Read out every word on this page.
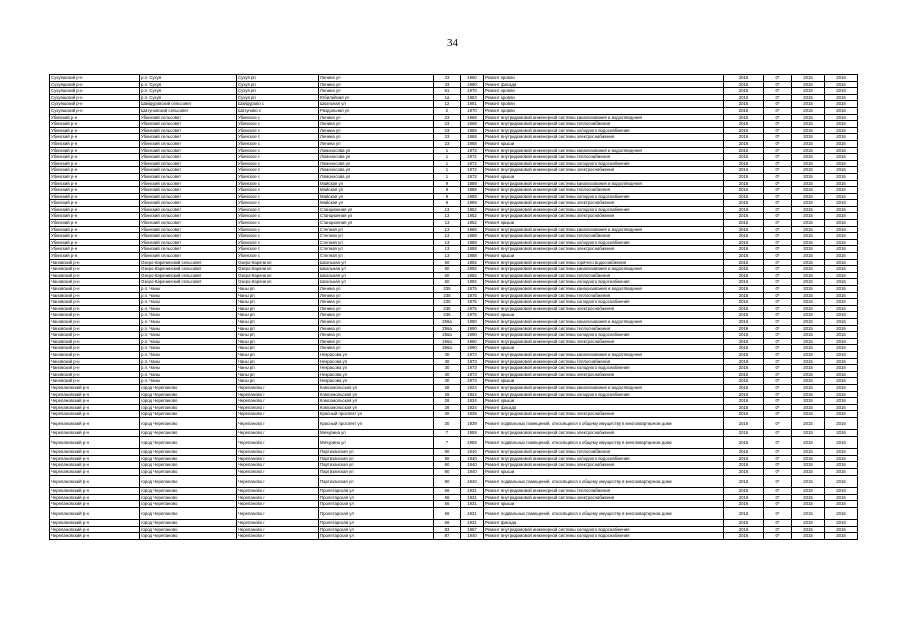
34
Сухуяшский р-н	р.п. Сухуя	Сухуя рп	Ленина ул	43	1990	Ремонт кровли	2016	0*	2015	2016
Сухуяшский р-н	р.п. Сухуя	Сухуя рп	Ленина ул	43	1990	Ремонт фасада	2016	0*	2015	2016
Сухуяшский р-н	р.п. Сухуя	Сухуя рп	Ленина ул	61	1970	Ремонт кровли	2016	0*	2015	2016
Сухуяшский р-н	р.п. Сухуя	Сухуя рп	Юбилейная ул	1а	1953	Ремонт кровли	2016	0*	2015	2016
Сухуяшский р-н	Шайдуровский сельсовет	Шайдурово с	Школьная ул	12	1981	Ремонт кровли	2015	0*	2015	2016
Сухуяшский р-н	Шатуновский сельсовет	Шатуново с	Раздольная ул	2	1970	Ремонт кровли	2016	0*	2015	2016
Убинский р-н	Убинский сельсовет	Убинское с	Ленина ул	23	1968	Ремонт внутридомовой инженерной системы канализования и водоотведения	2015	0*	2015	2016
Убинский р-н	Убинский сельсовет	Убинское с	Ленина ул	23	1968	Ремонт внутридомовой инженерной системы теплоснабжения	2015	0*	2015	2016
Убинский р-н	Убинский сельсовет	Убинское с	Ленина ул	23	1968	Ремонт внутридомовой инженерной системы холодного водоснабжения	2015	0*	2015	2016
Убинский р-н	Убинский сельсовет	Убинское с	Ленина ул	23	1968	Ремонт внутридомовой инженерной системы электроснабжения	2016	0*	2015	2016
Убинский р-н	Убинский сельсовет	Убинское с	Ленина ул	23	1968	Ремонт крыши	2016	0*	2015	2016
Убинский р-н	Убинский сельсовет	Убинское с	Ломоносова ул	1	1972	Ремонт внутридомовой инженерной системы канализования и водоотведения	2016	0*	2015	2016
Убинский р-н	Убинский сельсовет	Убинское с	Ломоносова ул	1	1972	Ремонт внутридомовой инженерной системы теплоснабжения	2016	0*	2015	2016
Убинский р-н	Убинский сельсовет	Убинское с	Ломоносова ул	1	1972	Ремонт внутридомовой инженерной системы холодного водоснабжения	2016	0*	2015	2016
Убинский р-н	Убинский сельсовет	Убинское с	Ломоносова ул	1	1972	Ремонт внутридомовой инженерной системы электроснабжения	2016	0*	2015	2016
Убинский р-н	Убинский сельсовет	Убинское с	Ломоносова ул	1	1972	Ремонт крыши	2016	0*	2015	2016
Убинский р-н	Убинский сельсовет	Убинское с	Майская ул	9	1989	Ремонт внутридомовой инженерной системы канализования и водоотведения	2016	0*	2015	2016
Убинский р-н	Убинский сельсовет	Убинское с	Майская ул	9	1989	Ремонт внутридомовой инженерной системы теплоснабжения	2016	0*	2015	2016
Убинский р-н	Убинский сельсовет	Убинское с	Майская ул	9	1989	Ремонт внутридомовой инженерной системы холодного водоснабжения	2016	0*	2015	2016
Убинский р-н	Убинский сельсовет	Убинское с	Майская ул	9	1989	Ремонт внутридомовой инженерной системы электроснабжения	2016	0*	2015	2016
Убинский р-н	Убинский сельсовет	Убинское с	Станционная ул	13	1952	Ремонт внутридомовой инженерной системы холодного водоснабжения	2016	0*	2015	2016
Убинский р-н	Убинский сельсовет	Убинское с	Станционная ул	13	1952	Ремонт внутридомовой инженерной системы электроснабжения	2016	0*	2015	2016
Убинский р-н	Убинский сельсовет	Убинское с	Станционная ул	13	1952	Ремонт крыши	2016	0*	2015	2016
Убинский р-н	Убинский сельсовет	Убинское с	Степная ул	13	1988	Ремонт внутридомовой инженерной системы канализования и водоотведения	2016	0*	2015	2016
Убинский р-н	Убинский сельсовет	Убинское с	Степная ул	13	1988	Ремонт внутридомовой инженерной системы теплоснабжения	2016	0*	2015	2016
Убинский р-н	Убинский сельсовет	Убинское с	Степная ул	13	1988	Ремонт внутридомовой инженерной системы холодного водоснабжения	2016	0*	2015	2016
Убинский р-н	Убинский сельсовет	Убинское с	Степная ул	13	1988	Ремонт внутридомовой инженерной системы электроснабжения	2016	0*	2015	2016
Убинский р-н	Убинский сельсовет	Убинское с	Степная ул	13	1988	Ремонт крыши	2016	0*	2015	2016
Чановский р-н	Озеро-Карачинский сельсовет	Озеро-Карачи кп	Школьная ул	60	1992	Ремонт внутридомовой инженерной системы горячего водоснабжения	2016	0*	2015	2016
Чановский р-н	Озеро-Карачинский сельсовет	Озеро-Карачи кп	Школьная ул	60	1992	Ремонт внутридомовой инженерной системы канализования и водоотведения	2016	0*	2015	2016
Чановский р-н	Озеро-Карачинский сельсовет	Озеро-Карачи кп	Школьная ул	60	1992	Ремонт внутридомовой инженерной системы теплоснабжения	2016	0*	2015	2016
Чановский р-н	Озеро-Карачинский сельсовет	Озеро-Карачи кп	Школьная ул	60	1992	Ремонт внутридомовой инженерной системы холодного водоснабжения	2016	0*	2015	2016
Чановский р-н	р.п. Чаны	Чаны рп	Ленина ул	235	1975	Ремонт внутридомовой инженерной системы канализования и водоотведения	2016	0*	2015	2016
Чановский р-н	р.п. Чаны	Чаны рп	Ленина ул	235	1975	Ремонт внутридомовой инженерной системы теплоснабжения	2016	0*	2015	2016
Чановский р-н	р.п. Чаны	Чаны рп	Ленина ул	235	1975	Ремонт внутридомовой инженерной системы холодного водоснабжения	2016	0*	2015	2016
Чановский р-н	р.п. Чаны	Чаны рп	Ленина ул	235	1975	Ремонт внутридомовой инженерной системы электроснабжения	2016	0*	2015	2016
Чановский р-н	р.п. Чаны	Чаны рп	Ленина ул	235	1975	Ремонт крыши	2016	0*	2015	2016
Чановский р-н	р.п. Чаны	Чаны рп	Ленина ул	256а	1990	Ремонт внутридомовой инженерной системы канализования и водоотведения	2016	0*	2015	2016
Чановский р-н	р.п. Чаны	Чаны рп	Ленина ул	256а	1990	Ремонт внутридомовой инженерной системы теплоснабжения	2016	0*	2015	2016
Чановский р-н	р.п. Чаны	Чаны рп	Ленина ул	256а	1990	Ремонт внутридомовой инженерной системы холодного водоснабжения	2016	0*	2015	2016
Чановский р-н	р.п. Чаны	Чаны рп	Ленина ул	256а	1990	Ремонт внутридомовой инженерной системы электроснабжения	2016	0*	2015	2016
Чановский р-н	р.п. Чаны	Чаны рп	Ленина ул	256а	1990	Ремонт крыши	2016	0*	2015	2016
Чановский р-н	р.п. Чаны	Чаны рп	Некрасова ул	30	1973	Ремонт внутридомовой инженерной системы канализования и водоотведения	2016	0*	2015	2016
Чановский р-н	р.п. Чаны	Чаны рп	Некрасова ул	30	1973	Ремонт внутридомовой инженерной системы теплоснабжения	2016	0*	2015	2016
Чановский р-н	р.п. Чаны	Чаны рп	Некрасова ул	30	1973	Ремонт внутридомовой инженерной системы холодного водоснабжения	2016	0*	2015	2016
Чановский р-н	р.п. Чаны	Чаны рп	Некрасова ул	30	1973	Ремонт внутридомовой инженерной системы электроснабжения	2016	0*	2015	2016
Чановский р-н	р.п. Чаны	Чаны рп	Некрасова ул	30	1973	Ремонт крыши	2016	0*	2015	2016
Черепановский р-н	город Черепаново	Черепаново г	Комсомольская ул	28	1924	Ремонт внутридомовой инженерной системы канализования и водоотведения	2016	0*	2015	2016
Черепановский р-н	город Черепаново	Черепаново г	Комсомольская ул	28	1924	Ремонт внутридомовой инженерной системы холодного водоснабжения	2016	0*	2015	2016
Черепановский р-н	город Черепаново	Черепаново г	Комсомольская ул	28	1924	Ремонт крыши	2016	0*	2015	2016
Черепановский р-н	город Черепаново	Черепаново г	Комсомольская ул	28	1924	Ремонт фасада	2016	0*	2015	2016
Черепановский р-н	город Черепаново	Черепаново г	Красный проспект ул	30	1939	Ремонт внутридомовой инженерной системы электроснабжения	2016	0*	2015	2016
Черепановский р-н	город Черепаново	Черепаново г	Красный проспект ул	30	1939	Ремонт подвальных помещений, относящихся к общему имуществу в многоквартирном доме	2016	0*	2015	2016
Черепановский р-н	город Черепаново	Черепаново г	Мичурина ул	7	1959	Ремонт внутридомовой инженерной системы электроснабжения	2016	0*	2015	2016
Черепановский р-н	город Черепаново	Черепаново г	Мичурина ул	7	1959	Ремонт подвальных помещений, относящихся к общему имуществу в многоквартирном доме	2016	0*	2015	2016
Черепановский р-н	город Черепаново	Черепаново г	Партизанская ул	90	1940	Ремонт внутридомовой инженерной системы теплоснабжения	2016	0*	2015	2016
Черепановский р-н	город Черепаново	Черепаново г	Партизанская ул	90	1940	Ремонт внутридомовой инженерной системы холодного водоснабжения	2016	0*	2015	2016
Черепановский р-н	город Черепаново	Черепаново г	Партизанская ул	90	1940	Ремонт внутридомовой инженерной системы электроснабжения	2016	0*	2015	2016
Черепановский р-н	город Черепаново	Черепаново г	Партизанская ул	90	1940	Ремонт крыши	2016	0*	2015	2016
Черепановский р-н	город Черепаново	Черепаново г	Партизанская ул	90	1940	Ремонт подвальных помещений, относящихся к общему имуществу в многоквартирном доме	2016	0*	2015	2016
Черепановский р-н	город Черепаново	Черепаново г	Пролетарская ул	66	1931	Ремонт внутридомовой инженерной системы теплоснабжения	2016	0*	2015	2016
Черепановский р-н	город Черепаново	Черепаново г	Пролетарская ул	66	1931	Ремонт внутридомовой инженерной системы электроснабжения	2016	0*	2015	2016
Черепановский р-н	город Черепаново	Черепаново г	Пролетарская ул	66	1931	Ремонт крыши	2016	0*	2015	2016
Черепановский р-н	город Черепаново	Черепаново г	Пролетарская ул	66	1931	Ремонт подвальных помещений, относящихся к общему имуществу в многоквартирном доме	2016	0*	2015	2016
Черепановский р-н	город Черепаново	Черепаново г	Пролетарская ул	66	1931	Ремонт фасада	2016	0*	2015	2016
Черепановский р-н	город Черепаново	Черепаново г	Пролетарская ул	83	1957	Ремонт внутридомовой инженерной системы холодного водоснабжения	2016	0*	2015	2016
Черепановский р-н	город Черепаново	Черепаново г	Пролетарская ул	87	1940	Ремонт внутридомовой инженерной системы холодного водоснабжения	2016	0*	2015	2016
